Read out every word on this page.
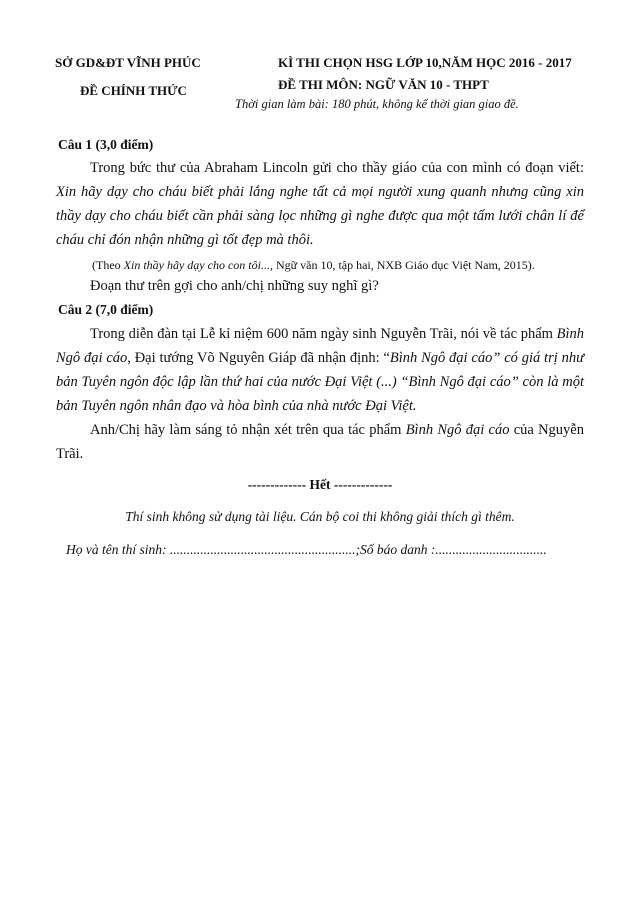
SỞ GD&ĐT VĨNH PHÚC
ĐỀ CHÍNH THỨC
KÌ THI CHỌN HSG LỚP 10,NĂM HỌC 2016 - 2017
ĐỀ THI MÔN: NGỮ VĂN 10 - THPT
Thời gian làm bài: 180 phút, không kể thời gian giao đề.
Câu 1 (3,0 điểm)

Trong bức thư của Abraham Lincoln gửi cho thầy giáo của con mình có đoạn viết: Xin hãy dạy cho cháu biết phải lắng nghe tất cả mọi người xung quanh nhưng cũng xin thầy dạy cho cháu biết cần phải sàng lọc những gì nghe được qua một tấm lưới chân lí để cháu chỉ đón nhận những gì tốt đẹp mà thôi.

(Theo Xin thầy hãy dạy cho con tôi..., Ngữ văn 10, tập hai, NXB Giáo dục Việt Nam, 2015).

Đoạn thư trên gợi cho anh/chị những suy nghĩ gì?

Câu 2 (7,0 điểm)

Trong diễn đàn tại Lễ kỉ niệm 600 năm ngày sinh Nguyễn Trãi, nói về tác phẩm Bình Ngô đại cáo, Đại tướng Võ Nguyên Giáp đã nhận định: “Bình Ngô đại cáo” có giá trị như bản Tuyên ngôn độc lập lần thứ hai của nước Đại Việt (...) “Bình Ngô đại cáo” còn là một bản Tuyên ngôn nhân đạo và hòa bình của nhà nước Đại Việt.

Anh/Chị hãy làm sáng tỏ nhận xét trên qua tác phẩm Bình Ngô đại cáo của Nguyễn Trãi.

------------- Hết -------------
Thí sinh không sử dụng tài liệu. Cán bộ coi thi không giải thích gì thêm.
Họ và tên thí sinh: .......................................................;Số báo danh :.................................
